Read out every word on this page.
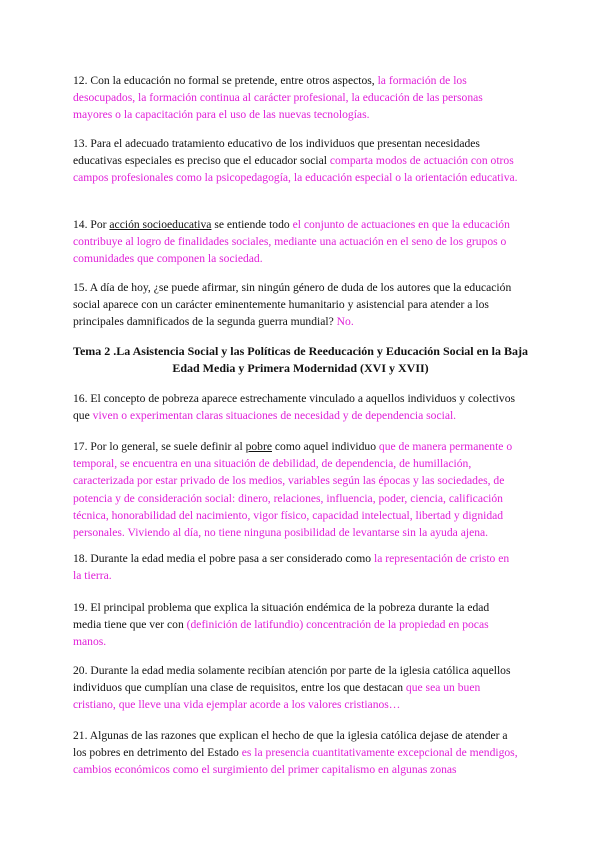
12. Con la educación no formal se pretende, entre otros aspectos, la formación de los desocupados, la formación continua al carácter profesional, la educación de las personas mayores o la capacitación para el uso de las nuevas tecnologías.

13. Para el adecuado tratamiento educativo de los individuos que presentan necesidades educativas especiales es preciso que el educador social comparta modos de actuación con otros campos profesionales como la psicopedagogía, la educación especial o la orientación educativa.

14. Por acción socioeducativa se entiende todo el conjunto de actuaciones en que la educación contribuye al logro de finalidades sociales, mediante una actuación en el seno de los grupos o comunidades que componen la sociedad.

15. A día de hoy, ¿se puede afirmar, sin ningún género de duda de los autores que la educación social aparece con un carácter eminentemente humanitario y asistencial para atender a los principales damnificados de la segunda guerra mundial? No.

Tema 2 .La Asistencia Social y las Políticas de Reeducación y Educación Social en la Baja Edad Media y Primera Modernidad (XVI y XVII)

16. El concepto de pobreza aparece estrechamente vinculado a aquellos individuos y colectivos que viven o experimentan claras situaciones de necesidad y de dependencia social.

17. Por lo general, se suele definir al pobre como aquel individuo que de manera permanente o temporal, se encuentra en una situación de debilidad, de dependencia, de humillación, caracterizada por estar privado de los medios, variables según las épocas y las sociedades, de potencia y de consideración social: dinero, relaciones, influencia, poder, ciencia, calificación técnica, honorabilidad del nacimiento, vigor físico, capacidad intelectual, libertad y dignidad personales. Viviendo al día, no tiene ninguna posibilidad de levantarse sin la ayuda ajena.

18. Durante la edad media el pobre pasa a ser considerado como la representación de cristo en la tierra.

19. El principal problema que explica la situación endémica de la pobreza durante la edad media tiene que ver con (definición de latifundio) concentración de la propiedad en pocas manos.

20. Durante la edad media solamente recibían atención por parte de la iglesia católica aquellos individuos que cumplían una clase de requisitos, entre los que destacan que sea un buen cristiano, que lleve una vida ejemplar acorde a los valores cristianos…

21. Algunas de las razones que explican el hecho de que la iglesia católica dejase de atender a los pobres en detrimento del Estado es la presencia cuantitativamente excepcional de mendigos, cambios económicos como el surgimiento del primer capitalismo en algunas zonas
